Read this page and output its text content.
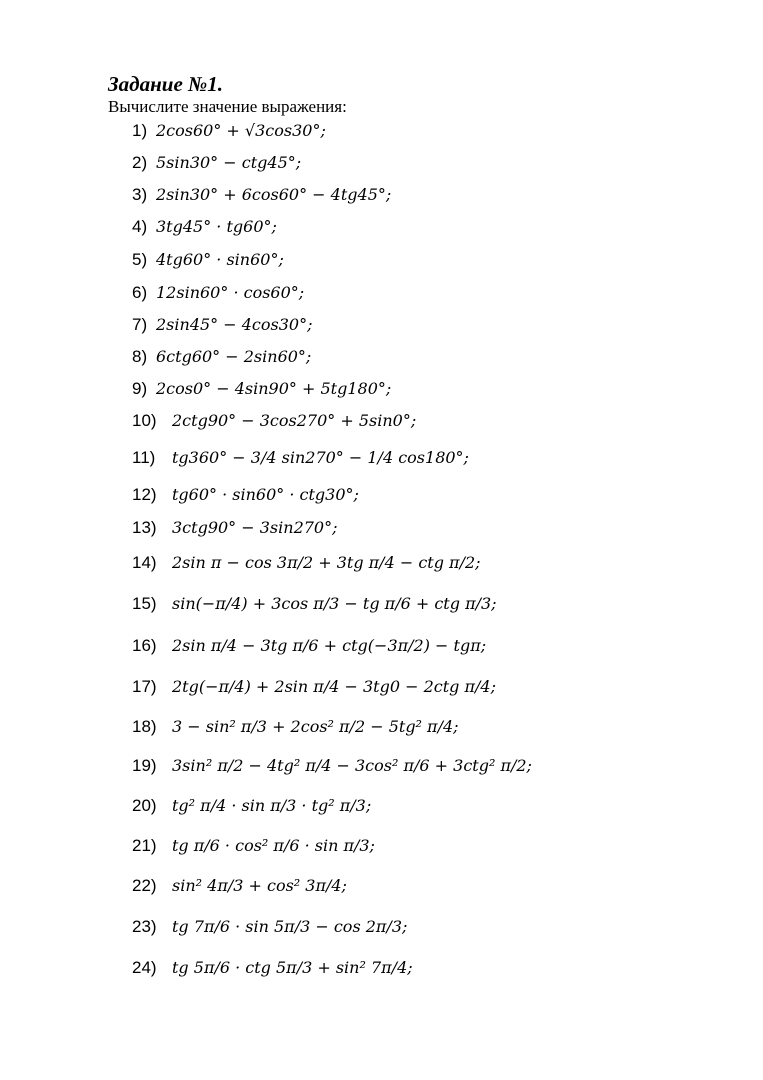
Задание №1.
Вычислите значение выражения:
1) 2cos60° + √3cos30°;
2) 5sin30° − ctg45°;
3) 2sin30° + 6cos60° − 4tg45°;
4) 3tg45° · tg60°;
5) 4tg60° · sin60°;
6) 12sin60° · cos60°;
7) 2sin45° − 4cos30°;
8) 6ctg60° − 2sin60°;
9) 2cos0° − 4sin90° + 5tg180°;
10) 2ctg90° − 3cos270° + 5sin0°;
11) tg360° − 3/4 sin270° − 1/4 cos180°;
12) tg60° · sin60° · ctg30°;
13) 3ctg90° − 3sin270°;
14) 2sin π − cos 3π/2 + 3tg π/4 − ctg π/2;
15) sin(−π/4) + 3cos π/3 − tg π/6 + ctg π/3;
16) 2sin π/4 − 3tg π/6 + ctg(−3π/2) − tgπ;
17) 2tg(−π/4) + 2sin π/4 − 3tg0 − 2ctg π/4;
18) 3 − sin² π/3 + 2cos² π/2 − 5tg² π/4;
19) 3sin² π/2 − 4tg² π/4 − 3cos² π/6 + 3ctg² π/2;
20) tg² π/4 · sin π/3 · tg² π/3;
21) tg π/6 · cos² π/6 · sin π/3;
22) sin² 4π/3 + cos² 3π/4;
23) tg 7π/6 · sin 5π/3 − cos 2π/3;
24) tg 5π/6 · ctg 5π/3 + sin² 7π/4;
